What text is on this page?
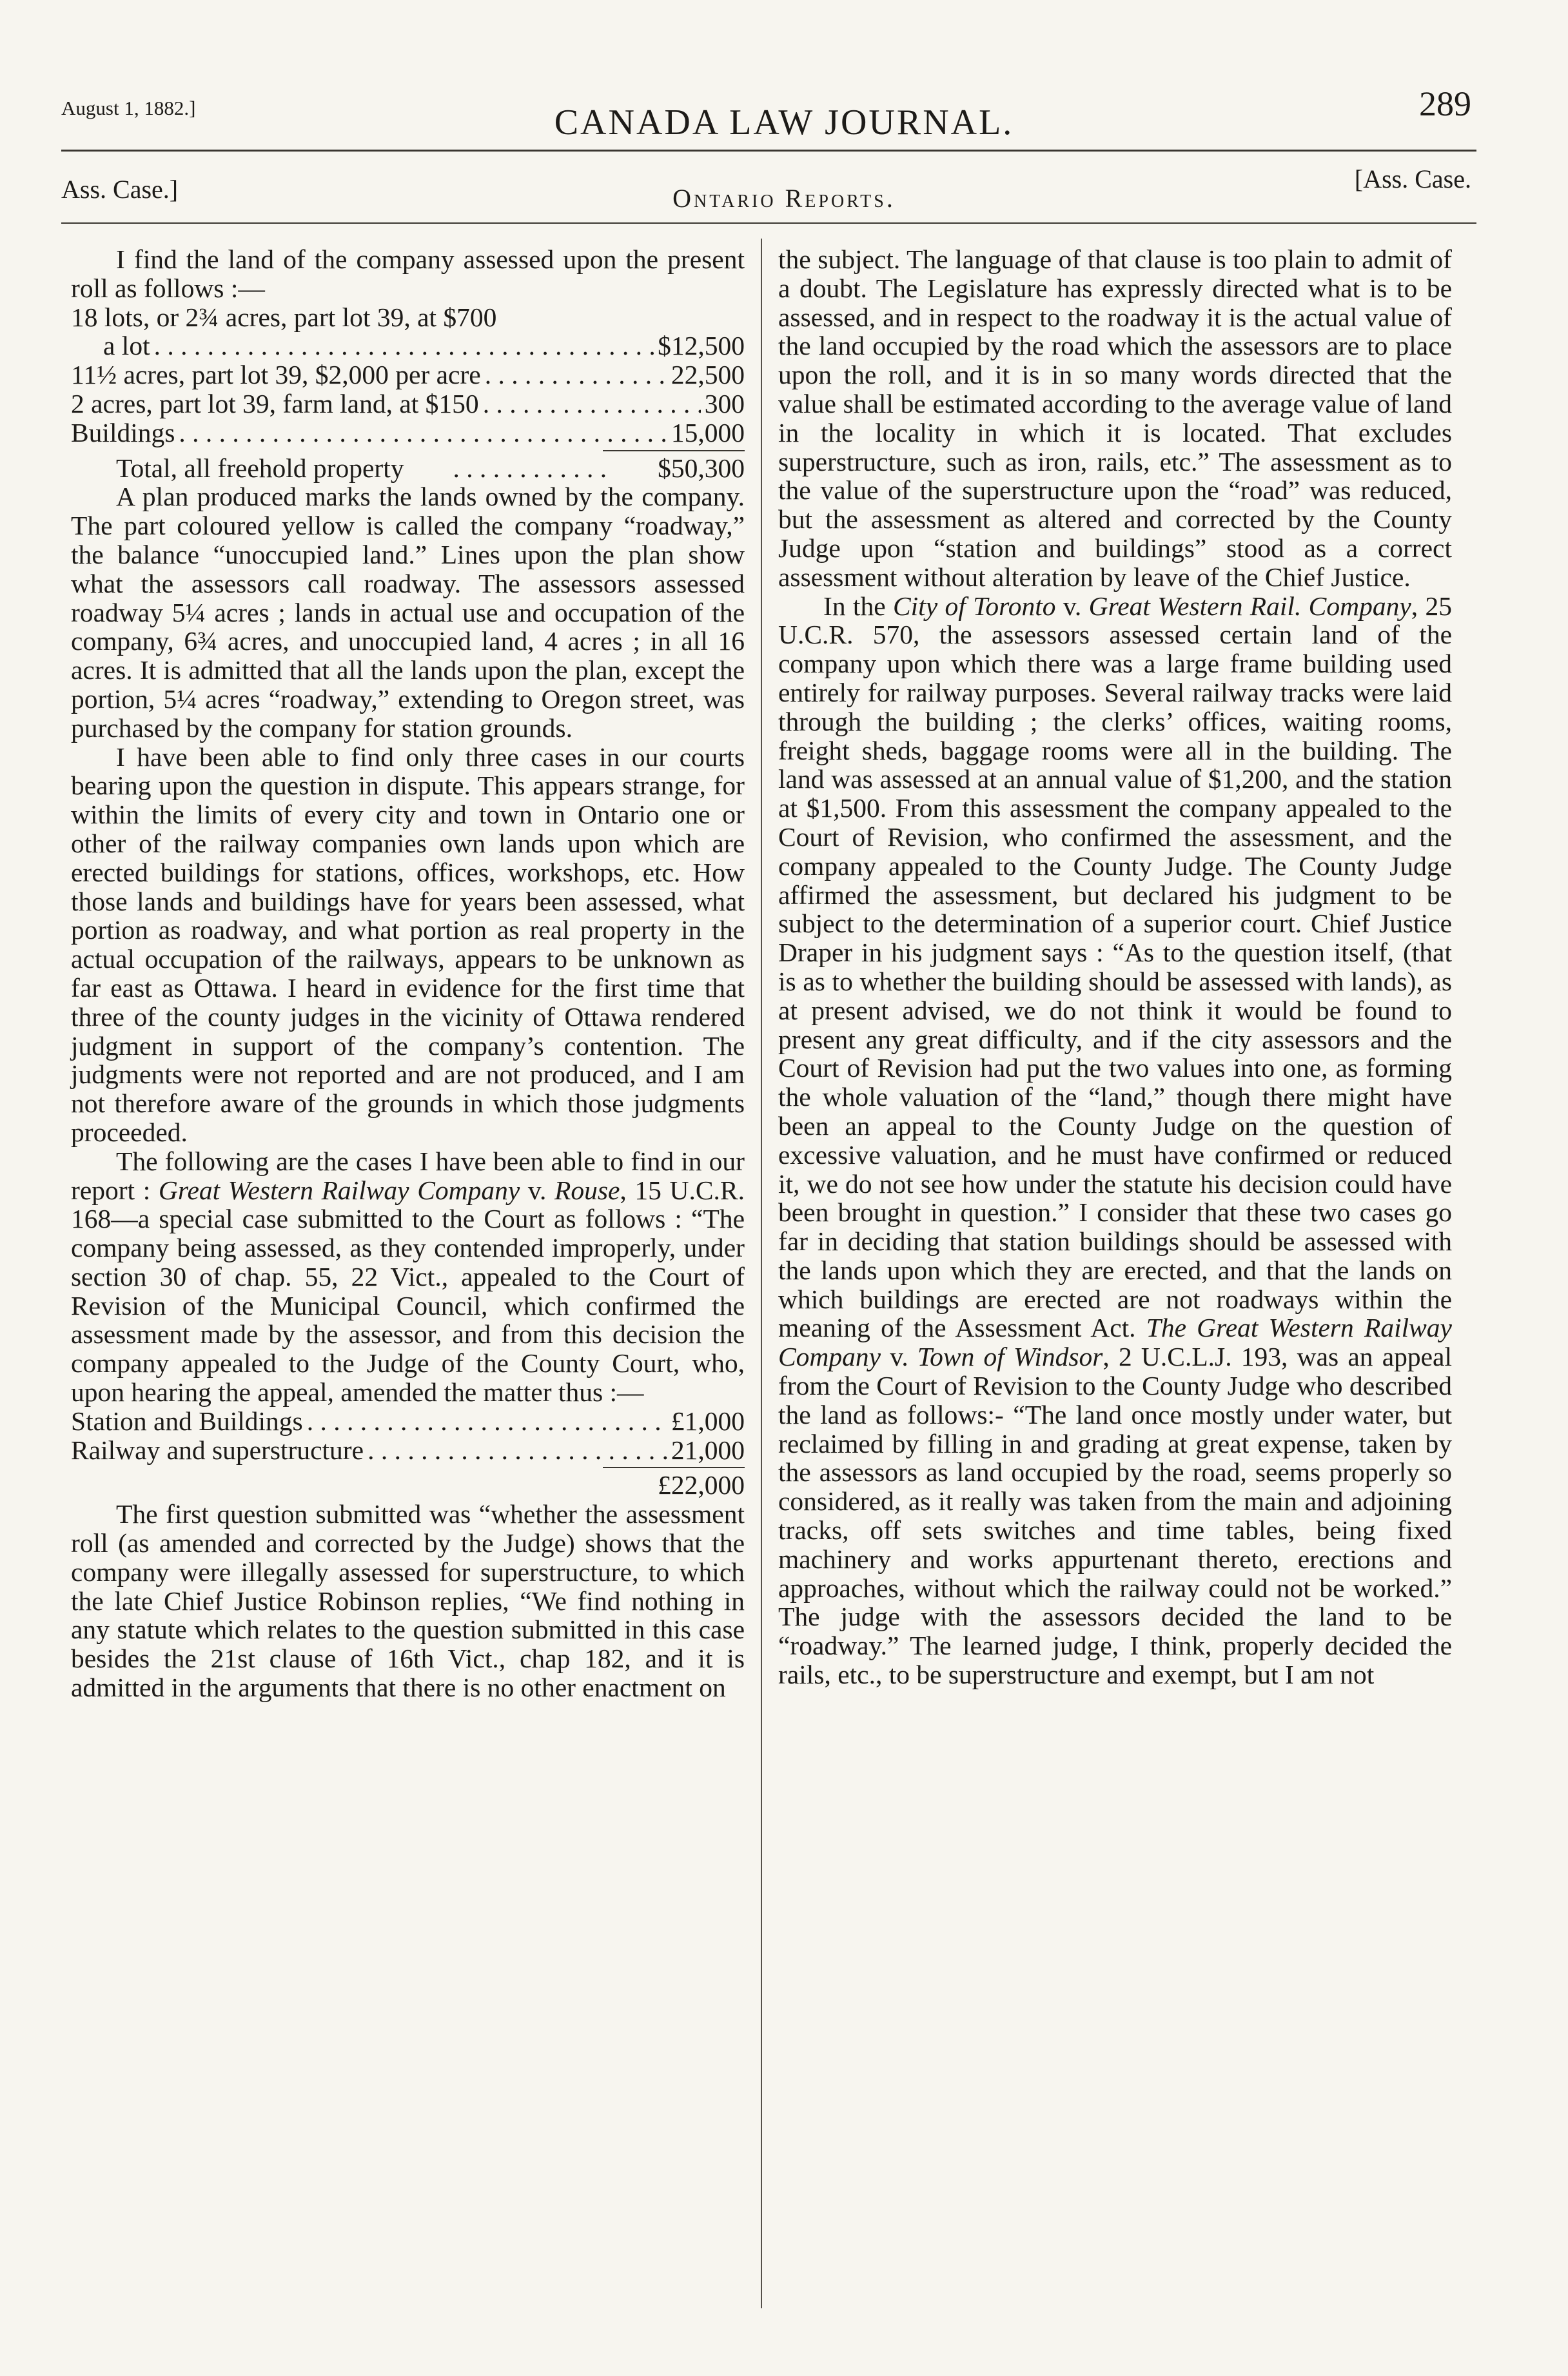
August 1, 1882.]	CANADA LAW JOURNAL.	289
Ass. Case.]	Ontario Reports.
[Ass. Case.

I find the land of the company assessed upon the present roll as follows :—

18 lots, or 2¾ acres, part lot 39, at $700

a lot . . .	$12,500

11½ acres, part lot 39, $2,000 per acre . . .	22,500

2 acres, part lot 39, farm land, at $150 . . .	300

Buildings . . .	15,000

Total, all freehold property . . .	$50,300

A plan produced marks the lands owned by the company. The part coloured yellow is called the company “roadway,” the balance “unoccupied land.” Lines upon the plan show what the assessors call roadway. The assessors assessed roadway 5¼ acres ; lands in actual use and occupation of the company, 6¾ acres, and unoccupied land, 4 acres ; in all 16 acres. It is admitted that all the lands upon the plan, except the portion, 5¼ acres “roadway,” extending to Oregon street, was purchased by the company for station grounds.

I have been able to find only three cases in our courts bearing upon the question in dispute. This appears strange, for within the limits of every city and town in Ontario one or other of the railway companies own lands upon which are erected buildings for stations, offices, workshops, etc. How those lands and buildings have for years been assessed, what portion as roadway, and what portion as real property in the actual occupation of the railways, appears to be unknown as far east as Ottawa. I heard in evidence for the first time that three of the county judges in the vicinity of Ottawa rendered judgment in support of the company’s contention. The judgments were not reported and are not produced, and I am not therefore aware of the grounds in which those judgments proceeded.

The following are the cases I have been able to find in our report : Great Western Railway Company v. Rouse, 15 U.C.R. 168—a special case submitted to the Court as follows : “The company being assessed, as they contended improperly, under section 30 of chap. 55, 22 Vict., appealed to the Court of Revision of the Municipal Council, which confirmed the assessment made by the assessor, and from this decision the company appealed to the Judge of the County Court, who, upon hearing the appeal, amended the matter thus :—

Station and Buildings . . .	£1,000

Railway and superstructure . . .	21,000

£22,000

The first question submitted was “whether the assessment roll (as amended and corrected by the Judge) shows that the company were illegally assessed for superstructure, to which the late Chief Justice Robinson replies, “We find nothing in any statute which relates to the question submitted in this case besides the 21st clause of 16th Vict., chap 182, and it is admitted in the arguments that there is no other enactment on

the subject. The language of that clause is too plain to admit of a doubt. The Legislature has expressly directed what is to be assessed, and in respect to the roadway it is the actual value of the land occupied by the road which the assessors are to place upon the roll, and it is in so many words directed that the value shall be estimated according to the average value of land in the locality in which it is located. That excludes superstructure, such as iron, rails, etc.” The assessment as to the value of the superstructure upon the “road” was reduced, but the assessment as altered and corrected by the County Judge upon “station and buildings” stood as a correct assessment without alteration by leave of the Chief Justice.

In the City of Toronto v. Great Western Rail. Company, 25 U.C.R. 570, the assessors assessed certain land of the company upon which there was a large frame building used entirely for railway purposes. Several railway tracks were laid through the building ; the clerks’ offices, waiting rooms, freight sheds, baggage rooms were all in the building. The land was assessed at an annual value of $1,200, and the station at $1,500. From this assessment the company appealed to the Court of Revision, who confirmed the assessment, and the company appealed to the County Judge. The County Judge affirmed the assessment, but declared his judgment to be subject to the determination of a superior court. Chief Justice Draper in his judgment says : “As to the question itself, (that is as to whether the building should be assessed with lands), as at present advised, we do not think it would be found to present any great difficulty, and if the city assessors and the Court of Revision had put the two values into one, as forming the whole valuation of the “land,” though there might have been an appeal to the County Judge on the question of excessive valuation, and he must have confirmed or reduced it, we do not see how under the statute his decision could have been brought in question.” I consider that these two cases go far in deciding that station buildings should be assessed with the lands upon which they are erected, and that the lands on which buildings are erected are not roadways within the meaning of the Assessment Act. The Great Western Railway Company v. Town of Windsor, 2 U.C.L.J. 193, was an appeal from the Court of Revision to the County Judge who described the land as follows:- “The land once mostly under water, but reclaimed by filling in and grading at great expense, taken by the assessors as land occupied by the road, seems properly so considered, as it really was taken from the main and adjoining tracks, off sets switches and time tables, being fixed machinery and works appurtenant thereto, erections and approaches, without which the railway could not be worked.” The judge with the assessors decided the land to be “roadway.” The learned judge, I think, properly decided the rails, etc., to be superstructure and exempt, but I am not
